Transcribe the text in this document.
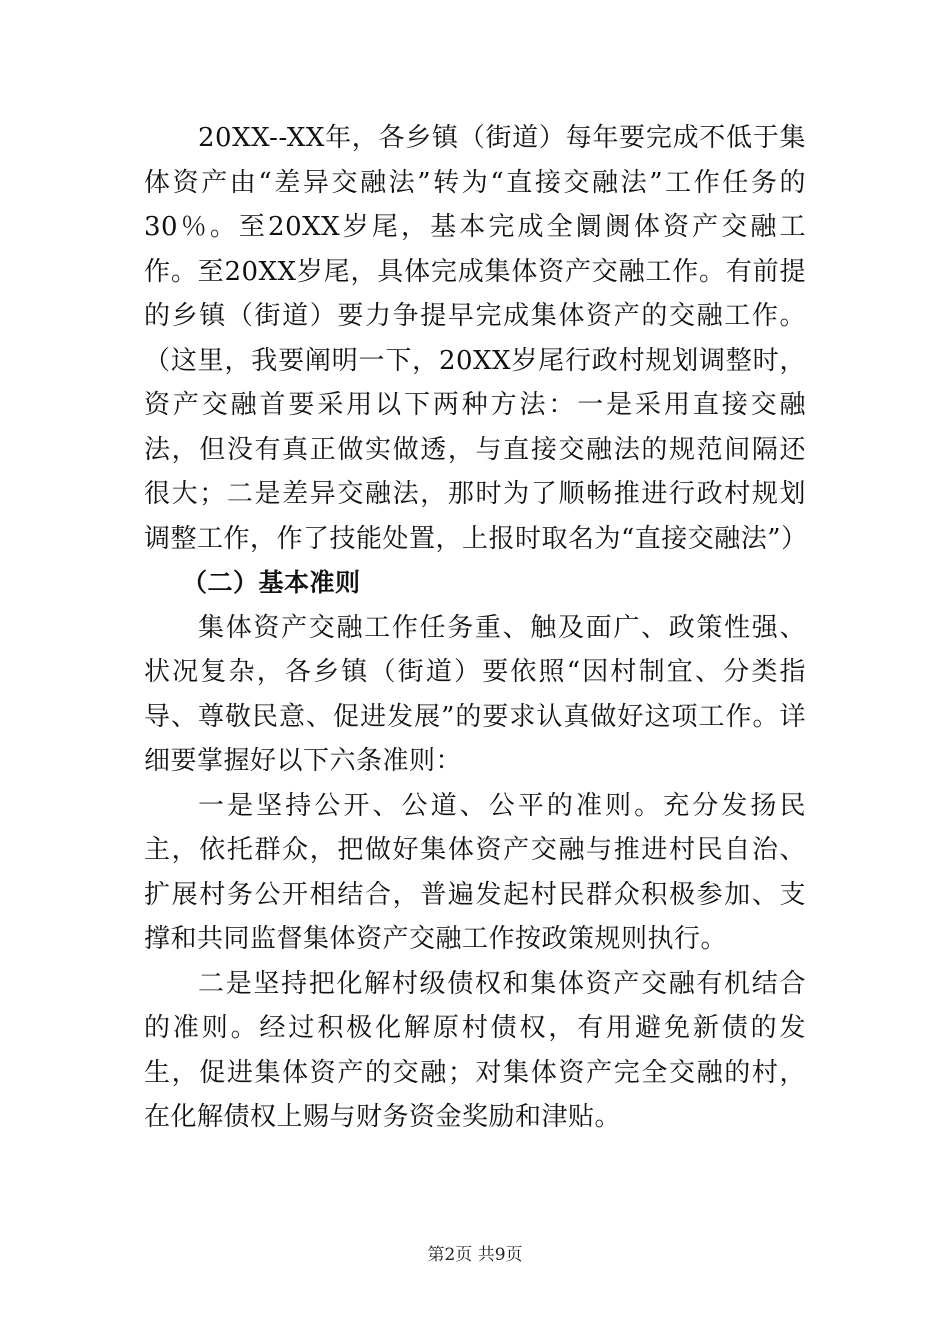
20XX--XX年，各乡镇（街道）每年要完成不低于集体资产由“差异交融法”转为“直接交融法”工作任务的30％。至20XX岁尾，基本完成全阛阓体资产交融工作。至20XX岁尾，具体完成集体资产交融工作。有前提的乡镇（街道）要力争提早完成集体资产的交融工作。（这里，我要阐明一下，20XX岁尾行政村规划调整时，资产交融首要采用以下两种方法：一是采用直接交融法，但没有真正做实做透，与直接交融法的规范间隔还很大；二是差异交融法，那时为了顺畅推进行政村规划调整工作，作了技能处置，上报时取名为“直接交融法”）

（二）基本准则

集体资产交融工作任务重、触及面广、政策性强、状况复杂，各乡镇（街道）要依照“因村制宜、分类指导、尊敬民意、促进发展”的要求认真做好这项工作。详细要掌握好以下六条准则：

一是坚持公开、公道、公平的准则。充分发扬民主，依托群众，把做好集体资产交融与推进村民自治、扩展村务公开相结合，普遍发起村民群众积极参加、支撑和共同监督集体资产交融工作按政策规则执行。

二是坚持把化解村级债权和集体资产交融有机结合的准则。经过积极化解原村债权，有用避免新债的发生，促进集体资产的交融；对集体资产完全交融的村，在化解债权上赐与财务资金奖励和津贴。

第2页 共9页
